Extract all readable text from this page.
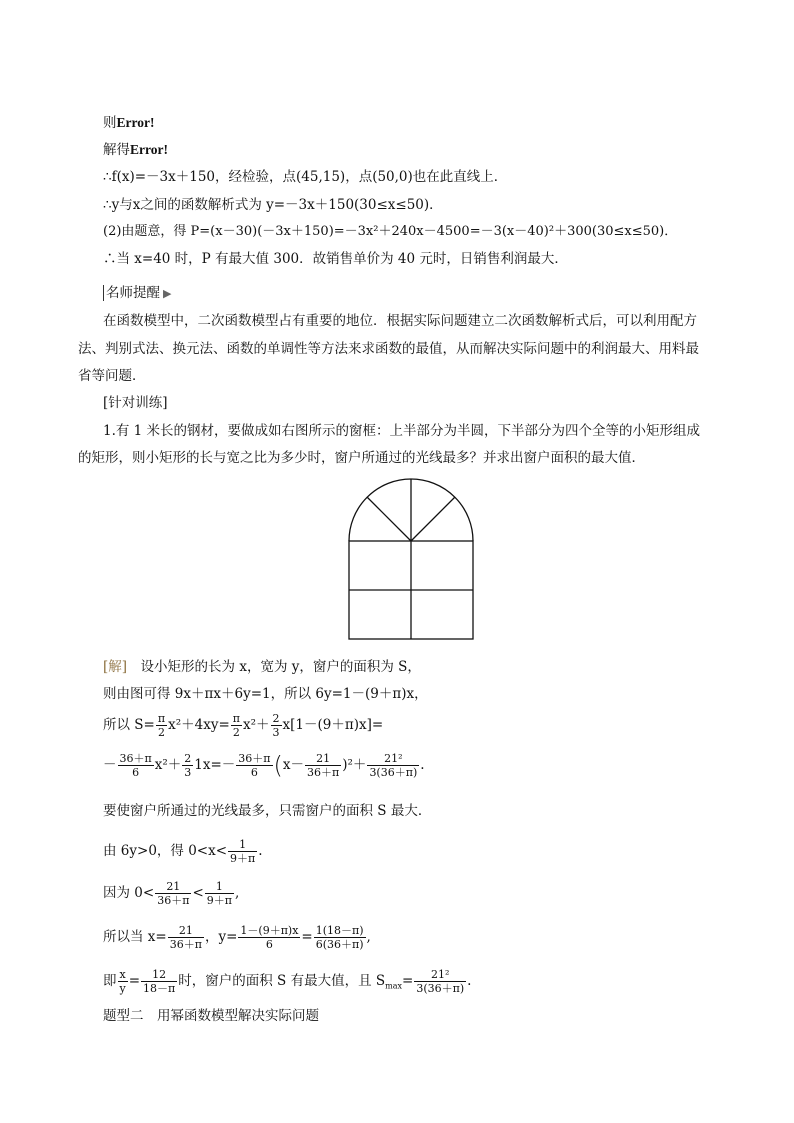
则Error!
解得Error!
∴f(x)=－3x＋150，经检验，点(45,15)，点(50,0)也在此直线上．
∴y与x之间的函数解析式为 y=－3x＋150(30≤x≤50)．
(2)由题意，得 P=(x－30)(－3x＋150)=－3x²＋240x－4500=－3(x－40)²＋300(30≤x≤50)．
∴当 x=40 时，P 有最大值 300．故销售单价为 40 元时，日销售利润最大．
名师提醒 ▶
在函数模型中，二次函数模型占有重要的地位．根据实际问题建立二次函数解析式后，可以利用配方
法、判别式法、换元法、函数的单调性等方法来求函数的最值，从而解决实际问题中的利润最大、用料最
省等问题．
[针对训练]
1.有 1 米长的钢材，要做成如右图所示的窗框：上半部分为半圆，下半部分为四个全等的小矩形组成
的矩形，则小矩形的长与宽之比为多少时，窗户所通过的光线最多？并求出窗户面积的最大值．
[解]　 设小矩形的长为 x，宽为 y，窗户的面积为 S，
则由图可得 9x＋πx＋6y=1，所以 6y=1－(9＋π)x，
所以 $S= \frac{\pi}{2} x^2+4xy= \frac{\pi}{2} x^2+ \frac{2}{3} x[1-(9+\pi)x]=$
－ $\frac{36+\pi}{6} x^2+ \frac{2}{3} 1x=- \frac{36+\pi}{6} (x- \frac{21}{36+\pi} )^2+ \frac{\text{21²}}{3(36+\pi)}$ .
要使窗户所通过的光线最多，只需窗户的面积 S 最大．
由 6y>0，得 $0<x< \frac{1}{9+\pi}$ .
因为 $0< \frac{21}{36+\pi} < \frac{1}{9+\pi}$ ,
所以当 $x= \frac{21}{36+\pi}$ ，$y= \frac{1-(9+\pi)x}{6} = \frac{1(18-\pi)}{6(36+\pi)}$ ,
即 $\frac{x}{y} = \frac{12}{18-\pi}$ 时，窗户的面积 S 有最大值，且 $S_{max}= \frac{\text{21²}}{3(36+\pi)}$ .
题型二　用幂函数模型解决实际问题
